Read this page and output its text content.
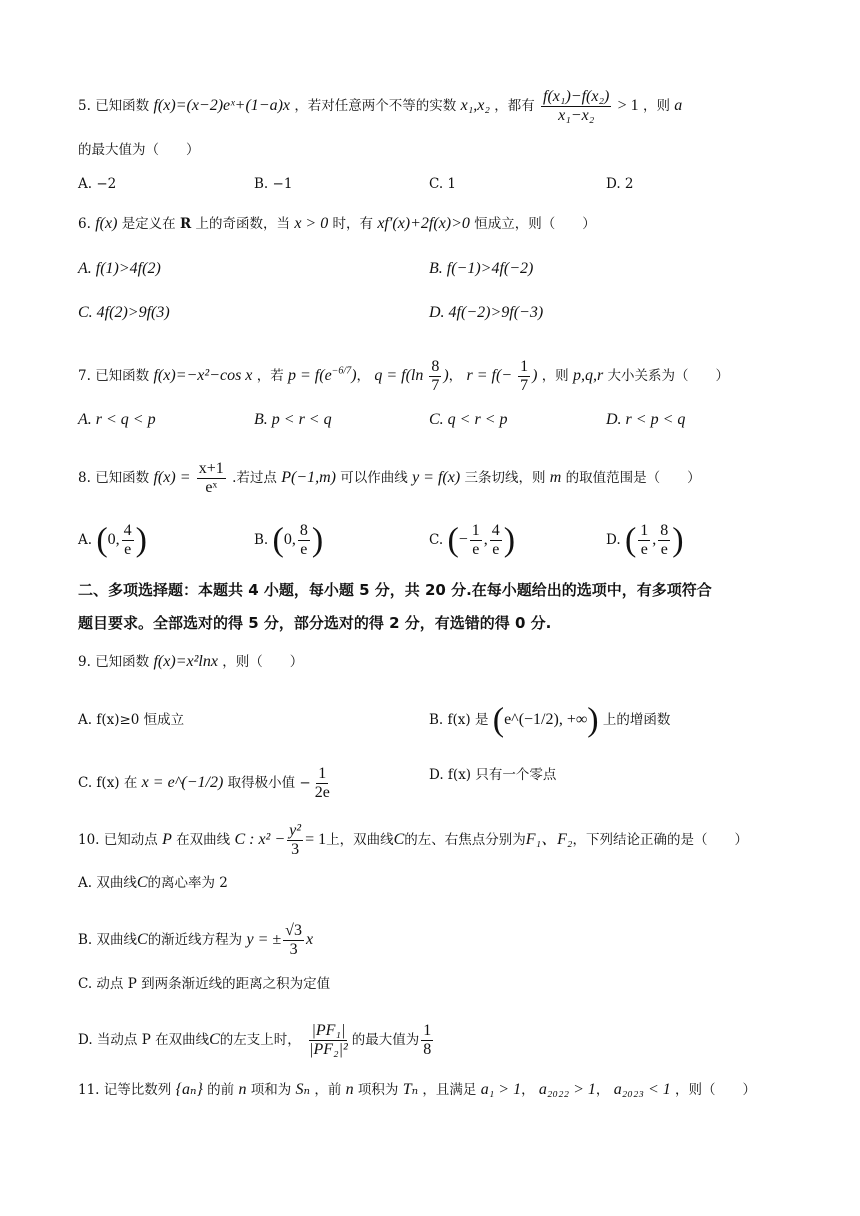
5. 已知函数 f(x)=(x−2)eˣ+(1−a)x ，若对任意两个不等的实数 x₁,x₂ ，都有 $\frac{\text{f(x₁)−f(x₂)}}{\text{x₁−x₂}} > 1$ ，则 a
的最大值为（　　）
A. −2	B. −1	C. 1	D. 2
6. f(x) 是定义在 R 上的奇函数，当 x > 0 时，有 xf′(x)+2f(x)>0 恒成立，则（　　）
A. f(1)>4f(2)	B. f(−1)>4f(−2)
C. 4f(2)>9f(3)	D. 4f(−2)>9f(−3)
7. 已知函数 f(x)=−x²−cos x ，若 $p = f(e^{-6/7})$， $q = f(\ln \frac{8}{7}$ )， $r = f(- \frac{1}{7}$ ) ，则 p,q,r 大小关系为（　　）
A. r < q < p	B. p < r < q	C. q < r < p	D. r < p < q
8. 已知函数 $f(x) = \frac{x+1}{\text{eˣ}}$ .若过点 P(−1,m) 可以作曲线 y = f(x) 三条切线，则 m 的取值范围是（　　）
A. (0, $\frac{4}{e}$ )	B. (0, $\frac{8}{e}$ )	C. (− $\frac{1}{e}$ , $\frac{4}{e}$ )	D. ( $\frac{1}{e}$ , $\frac{8}{e}$ )
二、多项选择题：本题共 4 小题，每小题 5 分，共 20 分.在每小题给出的选项中，有多项符合
题目要求。全部选对的得 5 分，部分选对的得 2 分，有选错的得 0 分.
9. 已知函数 f(x)=x²lnx ，则（　　）
A. f(x)≥0 恒成立	B. f(x) 是 (e^(−1/2), +∞) 上的增函数
C. f(x) 在 x = e^(−1/2) 取得极小值 − $\frac{1}{2e}$	D. f(x) 只有一个零点
10. 已知动点 P 在双曲线 C : $x^2 - \frac{\text{y²}}{3} = 1$上，双曲线C的左、右焦点分别为F₁、F₂，下列结论正确的是（　　）
A. 双曲线C的离心率为 2
B. 双曲线C的渐近线方程为 y = ± $\frac{√3}{3}$ x
C. 动点 P 到两条渐近线的距离之积为定值
D. 当动点 P 在双曲线C的左支上时， $\frac{\text{|PF₁|}}{\text{|PF₂|²}}$ 的最大值为 $\frac{1}{8}$
11. 记等比数列 {aₙ} 的前 n 项和为 Sₙ ，前 n 项积为 Tₙ ，且满足 a₁ > 1， a₂₀₂₂ > 1， a₂₀₂₃ < 1 ，则（　　）
